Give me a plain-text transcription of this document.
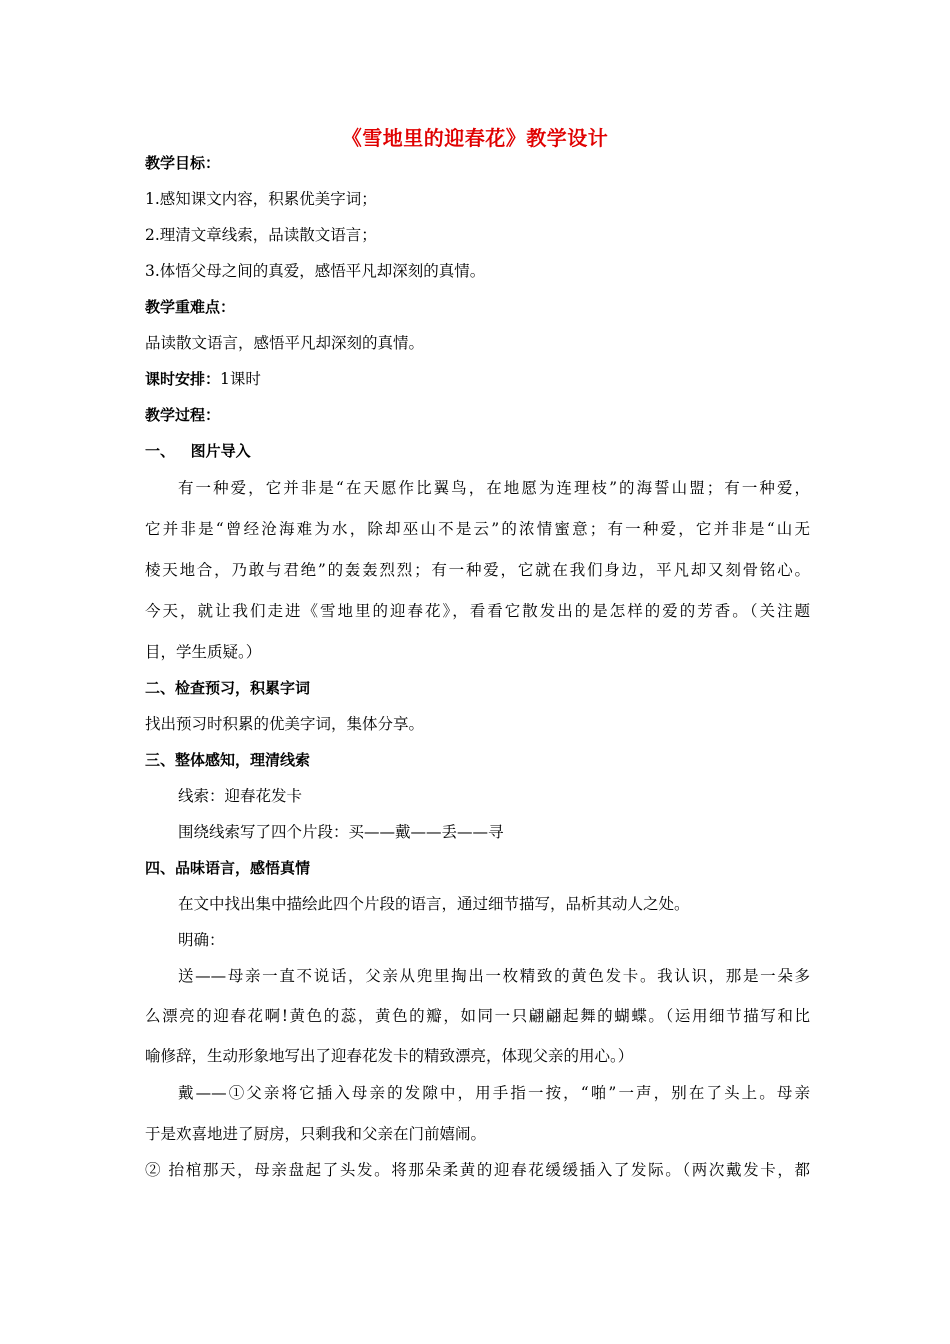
《雪地里的迎春花》教学设计
教学目标：
1.感知课文内容，积累优美字词；
2.理清文章线索，品读散文语言；
3.体悟父母之间的真爱，感悟平凡却深刻的真情。
教学重难点：
品读散文语言，感悟平凡却深刻的真情。
课时安排：1课时
教学过程：
一、   图片导入
有一种爱，它并非是“在天愿作比翼鸟，在地愿为连理枝”的海誓山盟；有一种爱，
它并非是“曾经沧海难为水，除却巫山不是云”的浓情蜜意；有一种爱，它并非是“山无
棱天地合，乃敢与君绝”的轰轰烈烈；有一种爱，它就在我们身边，平凡却又刻骨铭心。
今天，就让我们走进《雪地里的迎春花》，看看它散发出的是怎样的爱的芳香。（关注题
目，学生质疑。）
二、检查预习，积累字词
找出预习时积累的优美字词，集体分享。
三、整体感知，理清线索
线索：迎春花发卡
围绕线索写了四个片段：买——戴——丢——寻
四、品味语言，感悟真情
在文中找出集中描绘此四个片段的语言，通过细节描写，品析其动人之处。
明确：
送——母亲一直不说话，父亲从兜里掏出一枚精致的黄色发卡。我认识，那是一朵多
么漂亮的迎春花啊!黄色的蕊，黄色的瓣，如同一只翩翩起舞的蝴蝶。（运用细节描写和比
喻修辞，生动形象地写出了迎春花发卡的精致漂亮，体现父亲的用心。）
戴——①父亲将它插入母亲的发隙中，用手指一按，“啪”一声，别在了头上。母亲
于是欢喜地进了厨房，只剩我和父亲在门前嬉闹。
② 抬棺那天，母亲盘起了头发。将那朵柔黄的迎春花缓缓插入了发际。（两次戴发卡，都
